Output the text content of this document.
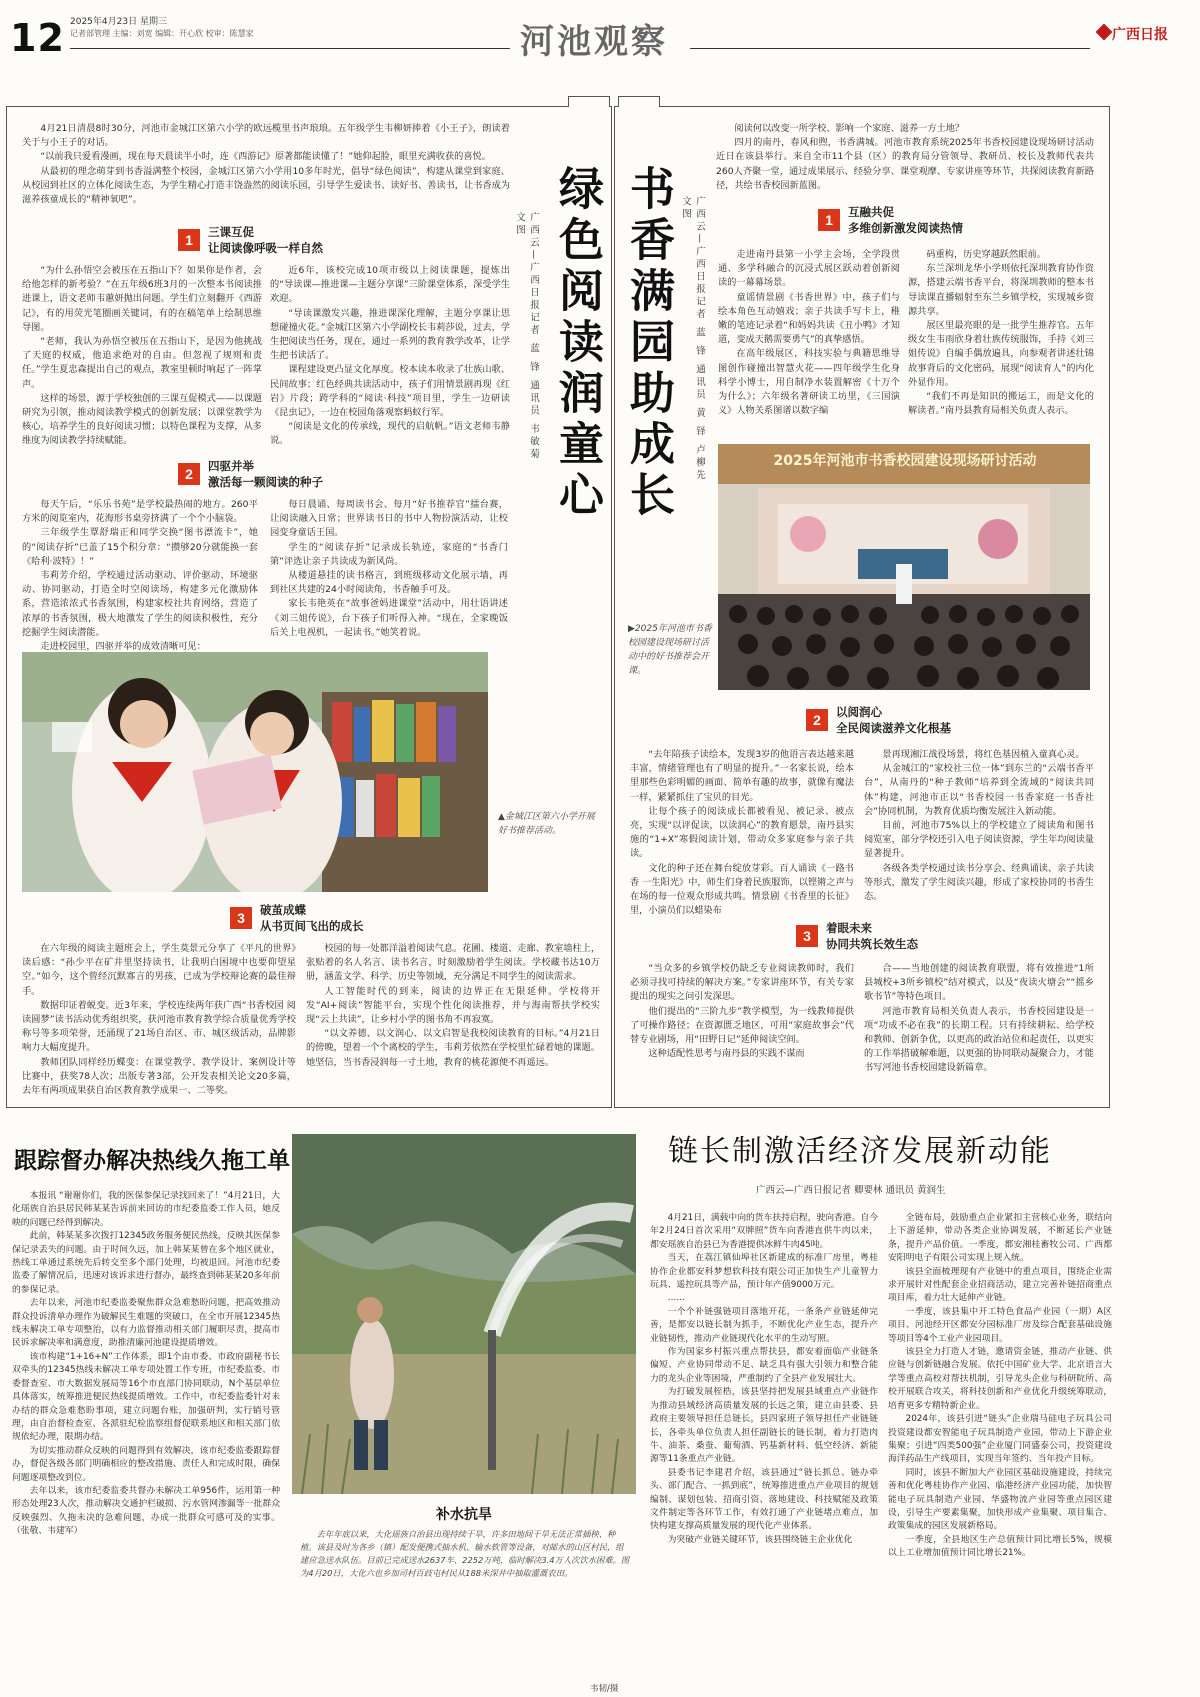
12 2025年4月23日 星期三
记者部管理 主编：刘宽 编辑：开心欣 校审：陈慧家	河池观察	广西日报

4月21日清晨8时30分，河池市金城江区第六小学的欧远榄里书声琅琅。五年级学生韦柳妍捧着《小王子》，朗读着关于与小王子的对话。

“以前我只爱看漫画，现在每天晨读半小时，连《西游记》原著都能读懂了！”她仰起脸，眼里充满收获的喜悦。

从最初的理念萌芽到书香溢满整个校园，金城江区第六小学用10多年时光，倡导“绿色阅读”，构建从课堂到家庭、从校园到社区的立体化阅读生态，为学生精心打造丰饶盎然的阅读乐园，引导学生爱读书、读好书、善读书，让书香成为滋养孩童成长的“精神氧吧”。	绿色阅读润童心 书香满园助成长
广西云—广西日报记者 蓝 锋 通讯员 韦敏菊 文图	广西云—广西日报记者 蓝 锋 通讯员 黄 铎 卢柳先 文图
1	三课互促
让阅读像呼吸一样自然

“为什么孙悟空会被压在五指山下？如果你是作者，会给他怎样的新考验？”在五年级6班3月的一次整本书阅读推进课上，语文老师韦蕙妍抛出问题。学生们立刻翻开《西游记》，有的用荧光笔圈画关键词，有的在稿笔单上绘制思维导图。

“老师，我认为孙悟空被压在五指山下，是因为他挑战了天庭的权威，他追求绝对的自由。但忽视了规则和责任。”学生夏忠森提出自己的观点，教室里顿时响起了一阵掌声。

这样的场景，源于学校独创的三课互促模式——以课题研究为引领，推动阅读教学模式的创新发展；以课堂教学为核心，培养学生的良好阅读习惯；以特色课程为支撑，从多维度为阅读教学持续赋能。

近6年，该校完成10项市级以上阅读课题，提炼出的“导读课—推进课—主题分享课”三阶课堂体系，深受学生欢迎。

“导读课激发兴趣，推进课深化理解，主题分享课让思想碰撞火花。”金城江区第六小学副校长韦莉莎说，过去，学生把阅读当任务，现在，通过一系列的教育教学改革，让学生把书读活了。

课程建设更凸显文化厚度。校本读本收录了壮族山歌、民间故事；红色经典共读活动中，孩子们用情景剧再现《红岩》片段；跨学科的“阅读·科技”项目里，学生一边研读《昆虫记》，一边在校园角落观察蚂蚁行军。

“阅读是文化的传承线，现代的启航帆。”语文老师韦静说。

2	四驱并举
激活每一颗阅读的种子

每天午后，“乐乐书苑”是学校最热闹的地方。260平方米的阅览室内，花海形书桌旁挤满了一个个小脑袋。

三年级学生覃舒瑞正和同学交换“图书漂流卡”，她的“阅读存折”已盖了15个积分章：“攒够20分就能换一套《哈利·波特》！”

韦莉芳介绍，学校通过活动驱动、评价驱动、环境驱动、协同驱动，打造全时空阅读场，构建多元化激励体系，营造浓浓式书香氛围，构建家校社共育网络，营造了浓厚的书香氛围，极大地激发了学生的阅读积极性，充分挖掘学生阅读潜能。

走进校园里，四驱并举的成效清晰可见：

每日晨诵、每周读书会、每月“好书推荐官”擂台赛，让阅读融入日常；世界读书日的书中人物扮演活动，让校园变身童话王国。

学生的“阅读存折”记录成长轨迹，家庭的“书香门第”评选让亲子共读成为新风尚。

从楼道悬挂的读书格言，到班级移动文化展示墙，再到社区共建的24小时阅读角，书香触手可及。

家长韦艳英在“故事爸妈进课堂”活动中，用壮语讲述《刘三姐传说》，台下孩子们听得入神。“现在，全家晚饭后关上电视机，一起读书。”她笑着说。

▲金城江区第六小学开展好书推荐活动。
3	破茧成蝶
从书页间飞出的成长

在六年级的阅读主题班会上，学生莫景元分享了《平凡的世界》读后感：“孙少平在矿井里坚持读书，让我明白困境中也要仰望星空。”如今，这个曾经沉默寡言的男孩，已成为学校辩论赛的最佳辩手。

数据印证着蜕变。近3年来，学校连续两年获广西“书香校园 阅读圆梦”读书活动优秀组织奖，获河池市教育教学综合质量优秀学校称号等多项荣誉，还涌现了21场自治区、市、城区级活动，品牌影响力大幅度提升。

教师团队同样经历蝶变：在课堂教学、教学设计、案例设计等比赛中，获奖78人次；出版专著3部，公开发表相关论文20多篇，去年有两项成果获自治区教育教学成果一、二等奖。

校园的每一处都洋溢着阅读气息。花圃、楼道、走廊、教室墙柱上，张贴着的名人名言、读书名言，时刻激励着学生阅读。学校藏书达10万册，涵盖文学、科学、历史等领域，充分满足不同学生的阅读需求。

人工智能时代的到来，阅读的边界正在无限延伸。学校将开发“AI+阅读”智能平台，实现个性化阅读推荐，并与海南帮扶学校实现“云上共读”，让乡村小学的图书角不再寂寞。

“以文养德、以文润心、以文启智是我校阅读教育的目标。”4月21日的傍晚，望着一个个离校的学生，韦莉芳依然在学校里忙碌着她的课题。她坚信，当书香浸润每一寸土地，教育的桃花源便不再遥远。

阅读何以改变一所学校、影响一个家庭、滋养一方土地？

四月的南丹，春风和煦，书香满城。河池市教育系统2025年书香校园建设现场研讨活动近日在该县举行。来自全市11个县（区）的教育局分管领导、教研员、校长及教师代表共260人齐聚一堂，通过成果展示、经验分享、课堂观摩、专家讲座等环节，共探阅读教育新路径，共绘书香校园新蓝图。

1	互融共促
多维创新激发阅读热情

走进南丹县第一小学主会场，全学段贯通、多学科融合的沉浸式展区跃动着创新阅读的一幕幕场景。

童谣情景剧《书香世界》中，孩子们与绘本角色互动嬉戏；亲子共读手写卡上，稚嫩的笔迹记录着“和妈妈共读《丑小鸭》才知道，变成天鹅需要勇气”的真挚感悟。

在高年级展区，科技实验与典籍思维导图创作碰撞出智慧火花——四年级学生化身科学小博士，用自制净水装置解密《十万个为什么》；六年级名著研读工坊里，《三国演义》人物关系图谱以数字编

码重构，历史穿越跃然眼前。

东兰深圳龙华小学则依托深圳教育协作资源，搭建云端书香平台，将深圳教师的整本书导读课直播辐射至东兰乡镇学校，实现城乡资源共享。

展区里最亮眼的是一批学生推荐官。五年级女生韦雨欣身着壮族传统服饰，手持《刘三姐传说》自编手偶放遍具，向参观者讲述壮锦故事背后的文化密码，展现“阅读育人”的内化外显作用。

“我们不再是知识的搬运工，而是文化的解读者。”南丹县教育局相关负责人表示。

2025年河池市书香校园建设现场研讨活动
▶2025年河池市书香校园建设现场研讨活动中的好书推荐会开课。
2	以阅润心
全民阅读滋养文化根基

“去年陪孩子读绘本，发现3岁的他语言表达越来越丰富，情绪管理也有了明显的提升。”一名家长说，绘本里那些色彩明媚的画面、简单有趣的故事，就像有魔法一样，紧紧抓住了宝贝的目光。

让每个孩子的阅读成长都被看见、被记录、被点亮，实现“以评促读，以读润心”的教育愿景，南丹县实施的“1+X”寒假阅读计划，带动众多家庭参与亲子共读。

文化的种子还在舞台绽放芽彩。百人诵读《一路书香 一生阳光》中，师生们身着民族服饰，以铿锵之声与在场的每一位观众形成共鸣。情景剧《书香里的长征》里，小演员们以蜡染布

景再现湘江战役场景，将红色基因植入童真心灵。

从金城江的“家校社三位一体”到东兰的“云端书香平台”，从南丹的“种子教师”培养到全流域的“阅读共同体”构建，河池市正以“书香校园一书香家庭一书香社会”协同机制，为教育优质均衡发展注入新动能。

目前，河池市75%以上的学校建立了阅读角和图书阅览室，部分学校还引入电子阅读资源，学生年均阅读量显著提升。

各级各类学校通过读书分享会、经典诵读、亲子共读等形式，激发了学生阅读兴趣，形成了家校协同的书香生态。

3	着眼未来
协同共筑长效生态

“当众多的乡镇学校仍缺乏专业阅读教师时，我们必须寻找可持续的解决方案。”专家讲座环节，有关专家提出的现实之问引发深思。

他们提出的“三阶九步”教学模型，为一线教师提供了可操作路径；在资源匮乏地区，可用“家庭故事会”代替专业剧场，用“田野日记”延伸阅读空间。

这种适配性思考与南丹县的实践不谋而

合——当地创建的阅读教育联盟，将有效推进“1所县城校+3所乡镇校”结对模式，以及“夜读火塘会”“摇乡歌书节”等特色项目。

河池市教育局相关负责人表示，书香校园建设是一项“功成不必在我”的长期工程。只有持续耕耘、给学校和教师、创新争优，以更高的政治站位和起责任，以更实的工作举措破解难题，以更强的协同联动凝聚合力，才能书写河池书香校园建设新篇章。

跟踪督办解决热线久拖工单

本报讯 “谢谢你们，我的医保参保记录找回来了！”4月21日，大化瑶族自治县居民韩某某告诉前来回访的市纪委监委工作人员，她反映的问题已经得到解决。

此前，韩某某多次拨打12345政务服务便民热线，反映其医保参保记录丢失的问题。由于时间久远，加上韩某某曾在多个地区就业，热线工单通过系统先后转交至多个部门处理，均被退回。河池市纪委监委了解情况后，迅速对该诉求进行督办，最终查到韩某某20多年前的参保记录。

去年以来，河池市纪委监委聚焦群众急难愁盼问题，把高效推动群众投诉清单办理作为破解民生难题的突破口，在全市开展12345热线未解决工单专项整治，以有力监督推动相关部门履职尽责，提高市民诉求解决率和满意度，助推清廉河池建设提质增效。

该市构建“1+16+N”工作体系，即1个由市委、市政府副秘书长双牵头的12345热线未解决工单专项处置工作专班，市纪委监委、市委督查室、市大数据发展局等16个市直部门协同联动，N个基层单位具体落实，统筹推进便民热线提质增效。工作中，市纪委监委针对未办结的群众急难愁盼事项，建立问题台账，加强研判，实行销号管理，由自治督检查室、各派驻纪检监察组督促联系地区和相关部门依规依纪办理，限期办结。

为切实推动群众反映的问题得到有效解决，该市纪委监委跟踪督办，督促各级各部门明确相应的整改措施、责任人和完成时限，确保问题逐项整改到位。

去年以来，该市纪委监委共督办未解决工单956件，运用第一种形态处理23人次，推动解决交通护栏破损、污水管网渗漏等一批群众反映强烈、久拖未决的急难问题，办成一批群众可感可及的实事。（张敬、韦建军）

补水抗旱
去年年底以来，大化瑶族自治县出现持续干旱，许多田地间干旱无法正常插秧、种植。该县及时为各乡（镇）配发便携式抽水机、输水软管等设备，对邮水的山区村民，组建应急送水队伍。目前已完成送水2637车、2252万吨，临时解决3.4万人次饮水困难。图为4月20日，大化六也乡加司村百歧屯村民从188米深井中抽取灌溉农田。
韦韧/摄
链长制激活经济发展新动能
广西云—广西日报记者 卿要林 通讯员 黄润生

4月21日，满载中向的货车扶持启程，驶向香港。自今年2月24日首次采用“双牌照”货车向香港直供牛肉以来，都安瑶族自治县已为香港提供冰鲜牛肉45吨。

当天，在荔江镇仙埠社区新建成的标准厂房里，粤桂协作企业都安科梦想软科技有限公司正加快生产儿童智力玩具、遥控玩具等产品，预计年产值9000万元。

……

一个个补链强链项目落地开花，一条条产业链延伸完善，是都安以链长制为抓手，不断优化产业生态，提升产业链韧性，推动产业链现代化水平的生动写照。

作为国家乡村振兴重点帮扶县，都安着面临产业链条偏短、产业协同带动不足、缺乏具有强大引领力和整合能力的龙头企业等困境，严重制约了全县产业发展壮大。

为打破发展桎梏，该县坚持把发展县域重点产业链作为推动县域经济高质量发展的长远之策，建立由县委、县政府主要领导担任总链长，县四家班子领导担任产业链链长，各牵头单位负责人担任副链长的链长制，着力打造肉牛、油茶、桑蚕、葡萄酒、钙基新材料、低空经济、新能源等11条重点产业链。

县委书记李建君介绍，该县通过“链长抓总、链办牵头、部门配合、一抓到底”，统筹推进重点产业项目的规划编制、谋划包装、招商引资、落地建设、科技赋能及政策文件制定等各环节工作，有效打通了产业链堵点难点，加快构建支撑高质量发展的现代化产业体系。

为突破产业链关键环节，该县围绕链主企业优化

全链布局，鼓励重点企业紧扣主营核心业务，联结向上下游延伸，带动各类企业协调发展，不断延长产业链条，提升产品价值。一季度，都安湘桂畜牧公司、广西都安阳明电子有限公司实现上规入统。

该县全面梳理现有产业链中的重点项目，围绕企业需求开展针对性配套企业招商活动，建立完善补链招商重点项目库，着力壮大延伸产业链。

一季度，该县集中开工特色食品产业园（一期）A区项目、河池经开区都安分园标准厂房及综合配套基础设施等项目等4个工业产业园项目。

该县全力打造人才链，邀请资金链，推动产业链、供应链与创新链融合发展。依托中国矿业大学、北京语言大学等重点高校对帮扶机制，引导龙头企业与科研院所、高校开展联合攻关，将科技创新和产业优化升级统筹联动，培育更多专精特新企业。

2024年，该县引进“链头”企业瑞马硅电子玩具公司投资建设都安智能电子玩具制造产业园，带动上下游企业集聚；引进“四类500强”企业厦门同盛泰公司，投资建设海洋药品生产线项目，实现当年签约、当年投产目标。

同时，该县不断加大产业园区基础设施建设，持续完善和优化粤桂协作产业园、临港经济产业园功能，加快智能电子玩具制造产业园、华盛物流产业园等重点园区建设，引导生产要素集聚，加快形成产业集聚、项目集合、政策集成的园区发展新格局。

一季度，全县地区生产总值预计同比增长5%，规模以上工业增加值预计同比增长21%。
